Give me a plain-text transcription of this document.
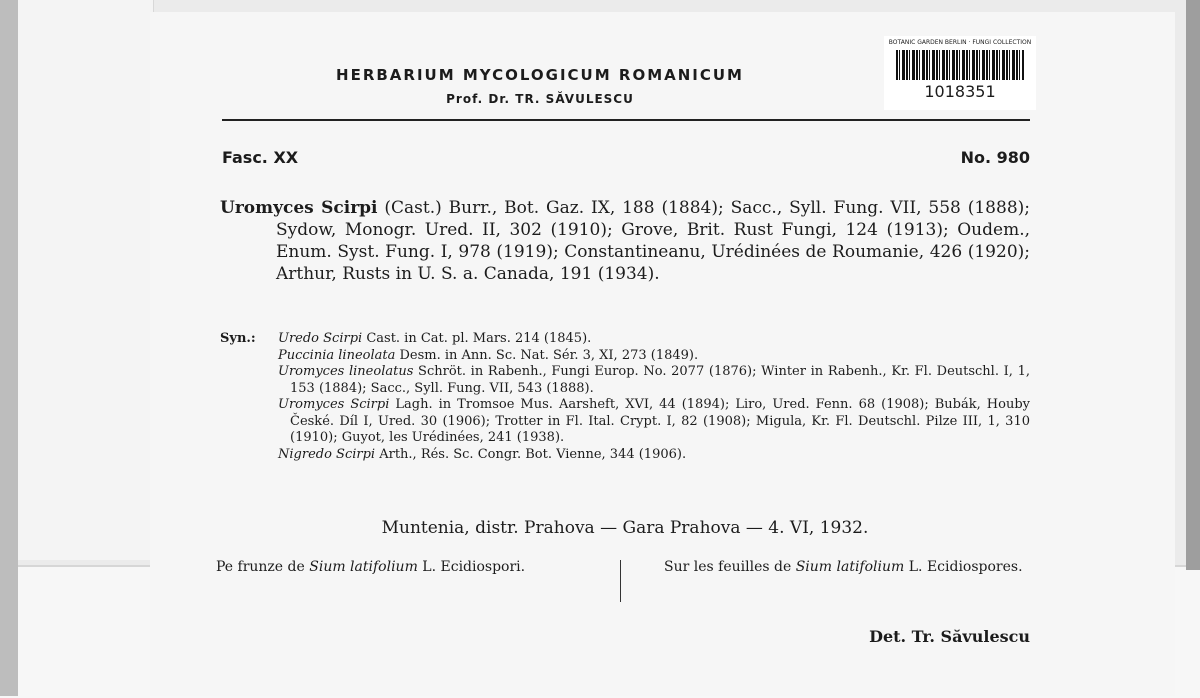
HERBARIUM MYCOLOGICUM ROMANICUM
Prof. Dr. TR. SĂVULESCU
BOTANIC GARDEN BERLIN · FUNGI COLLECTION
1018351
Fasc. XX	No. 980
Uromyces Scirpi (Cast.) Burr., Bot. Gaz. IX, 188 (1884); Sacc., Syll. Fung. VII, 558 (1888); Sydow, Monogr. Ured. II, 302 (1910); Grove, Brit. Rust Fungi, 124 (1913); Oudem., Enum. Syst. Fung. I, 978 (1919); Constantineanu, Urédinées de Roumanie, 426 (1920); Arthur, Rusts in U. S. a. Canada, 191 (1934).
Syn.: Uredo Scirpi Cast. in Cat. pl. Mars. 214 (1845).
Puccinia lineolata Desm. in Ann. Sc. Nat. Sér. 3, XI, 273 (1849).
Uromyces lineolatus Schröt. in Rabenh., Fungi Europ. No. 2077 (1876); Winter in Rabenh., Kr. Fl. Deutschl. I, 1, 153 (1884); Sacc., Syll. Fung. VII, 543 (1888).
Uromyces Scirpi Lagh. in Tromsoe Mus. Aarsheft, XVI, 44 (1894); Liro, Ured. Fenn. 68 (1908); Bubák, Houby České. Díl I, Ured. 30 (1906); Trotter in Fl. Ital. Crypt. I, 82 (1908); Migula, Kr. Fl. Deutschl. Pilze III, 1, 310 (1910); Guyot, les Urédinées, 241 (1938).
Nigredo Scirpi Arth., Rés. Sc. Congr. Bot. Vienne, 344 (1906).
Muntenia, distr. Prahova — Gara Prahova — 4. VI, 1932.
Pe frunze de Sium latifolium L. Ecidiospori.	Sur les feuilles de Sium latifolium L. Ecidiospores.
Det. Tr. Săvulescu
